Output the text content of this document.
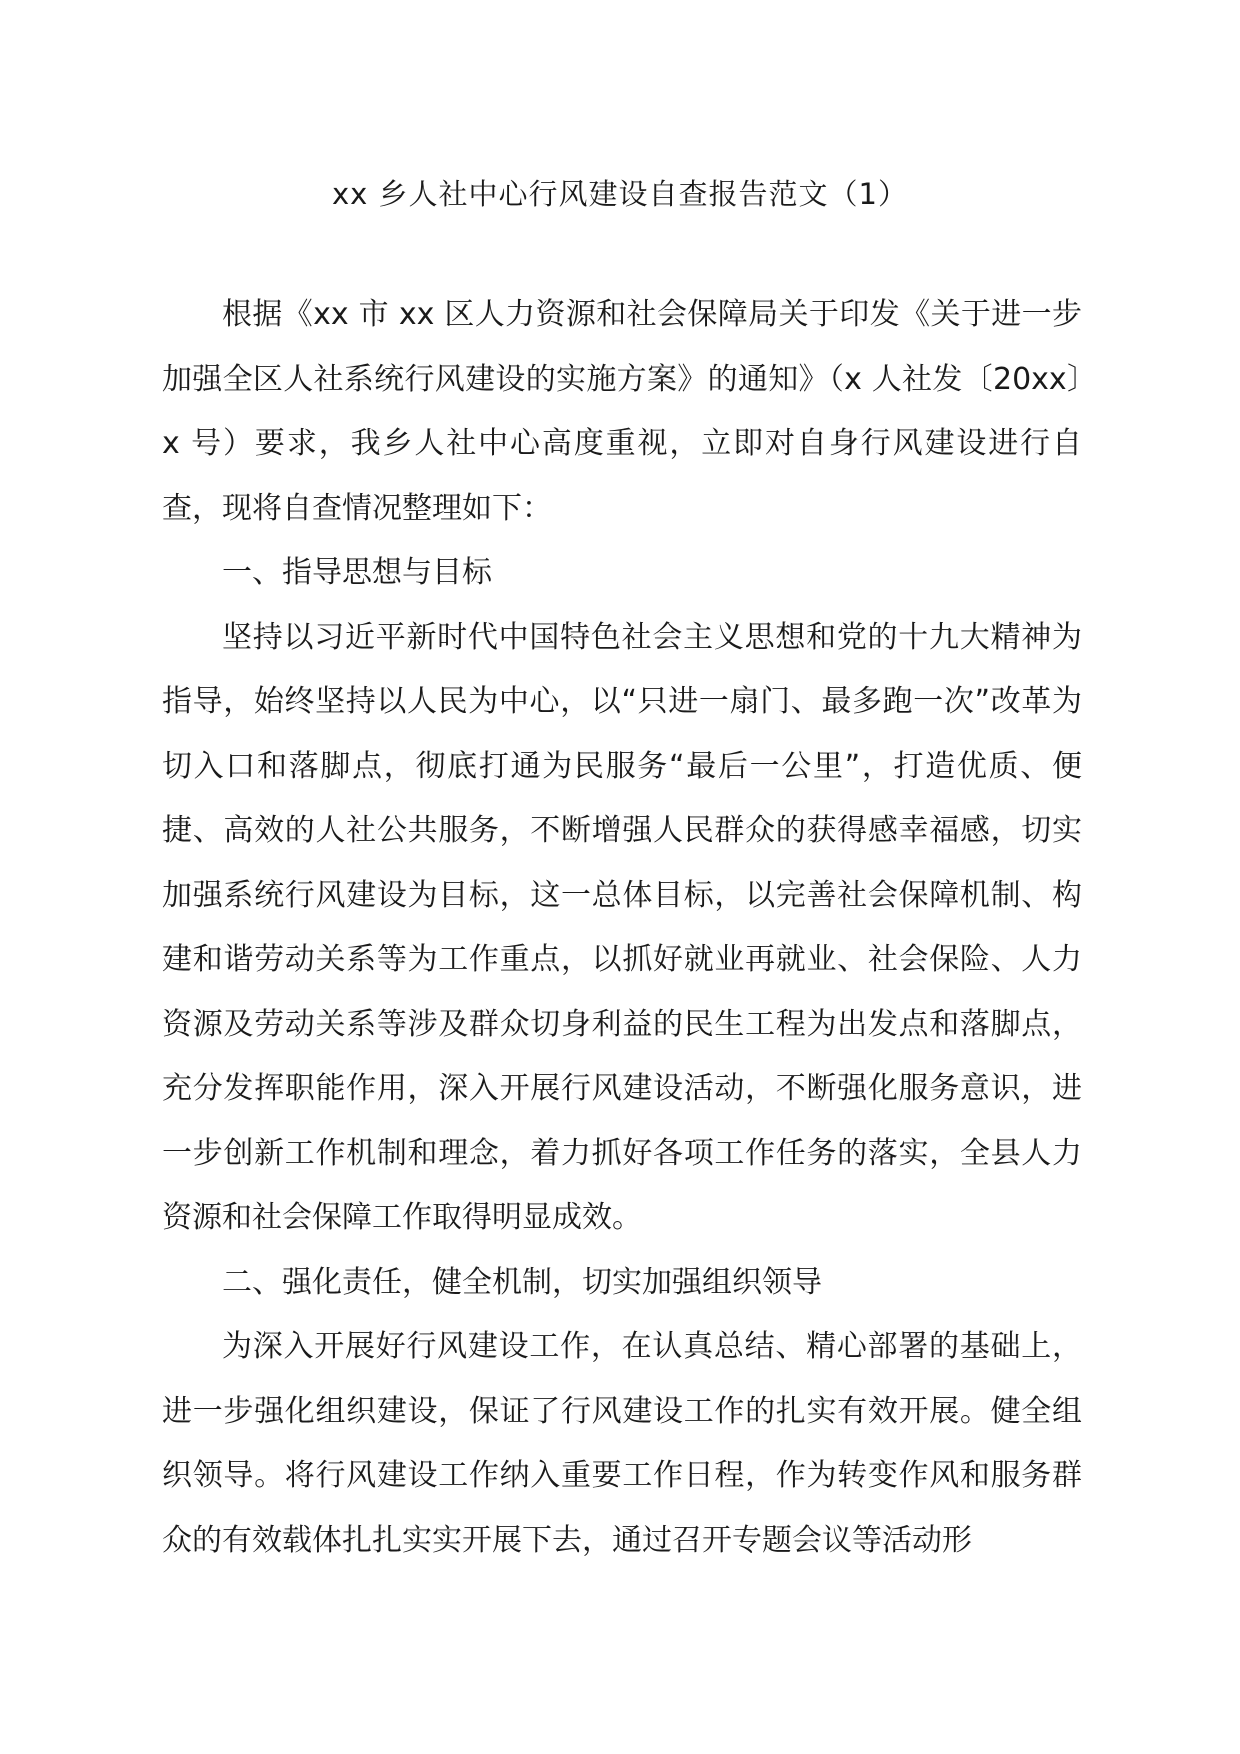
xx 乡人社中心行风建设自查报告范文（1）

根据《xx 市 xx 区人力资源和社会保障局关于印发《关于进一步加强全区人社系统行风建设的实施方案》的通知》（x 人社发〔20xx〕x 号）要求，我乡人社中心高度重视，立即对自身行风建设进行自查，现将自查情况整理如下：

一、指导思想与目标

坚持以习近平新时代中国特色社会主义思想和党的十九大精神为指导，始终坚持以人民为中心，以“只进一扇门、最多跑一次”改革为切入口和落脚点，彻底打通为民服务“最后一公里”，打造优质、便捷、高效的人社公共服务，不断增强人民群众的获得感幸福感，切实加强系统行风建设为目标，这一总体目标，以完善社会保障机制、构建和谐劳动关系等为工作重点，以抓好就业再就业、社会保险、人力资源及劳动关系等涉及群众切身利益的民生工程为出发点和落脚点，充分发挥职能作用，深入开展行风建设活动，不断强化服务意识，进一步创新工作机制和理念，着力抓好各项工作任务的落实，全县人力资源和社会保障工作取得明显成效。

二、强化责任，健全机制，切实加强组织领导

为深入开展好行风建设工作，在认真总结、精心部署的基础上，进一步强化组织建设，保证了行风建设工作的扎实有效开展。健全组织领导。将行风建设工作纳入重要工作日程，作为转变作风和服务群众的有效载体扎扎实实开展下去，通过召开专题会议等活动形
